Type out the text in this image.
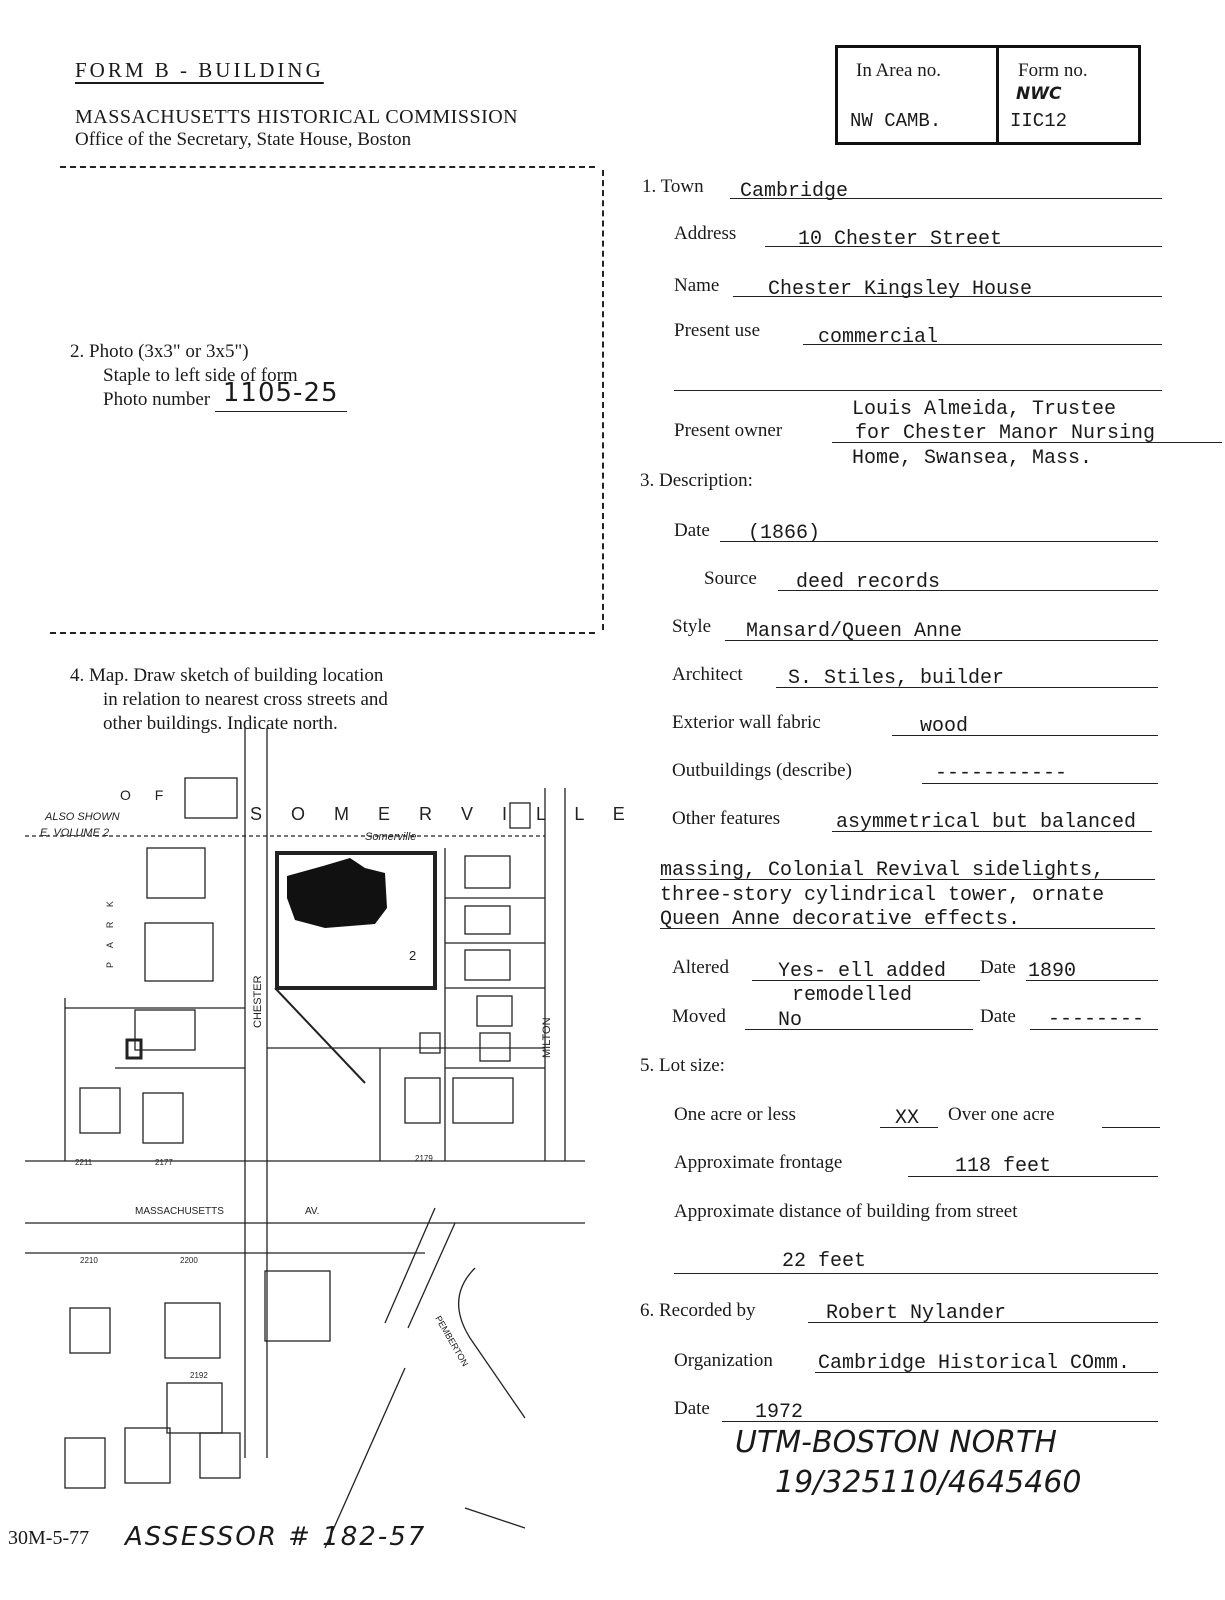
FORM B - BUILDING
MASSACHUSETTS HISTORICAL COMMISSION
Office of the Secretary, State House, Boston
In Area no.
NW CAMB.
Form no.
NWC
IIC12
2. Photo (3x3" or 3x5")
Staple to left side of form
Photo number 1105-25
4. Map. Draw sketch of building location
in relation to nearest cross streets and
other buildings. Indicate north.
S O M E R V I L L E
O F
ALSO SHOWN
E. VOLUME 2	Somerville
CHESTER
MILTON
MASSACHUSETTS	AV.
PEMBERTON
P A R K	2
2211	2177	2179
2210	2200
2192
1. Town Cambridge
Address	10 Chester Street
Name Chester Kingsley House
Present use	commercial
Louis Almeida, Trustee
Present owner	for Chester Manor Nursing
Home, Swansea, Mass.
3. Description:
Date (1866)
Source deed records
Style Mansard/Queen Anne
Architect S. Stiles, builder
Exterior wall fabric	wood
Outbuildings (describe)	-----------
Other features	asymmetrical but balanced
massing, Colonial Revival sidelights,
three-story cylindrical tower, ornate
Queen Anne decorative effects.
Altered Yes- ell added Date 1890
remodelled
Moved	No	Date --------
5. Lot size:
One acre or less	XX Over one acre
Approximate frontage	118 feet
Approximate distance of building from street
22 feet
6. Recorded by	Robert Nylander
Organization Cambridge Historical COmm.
Date 1972
30M-5-77 ASSESSOR # 182-57
UTM-BOSTON NORTH
19/325110/4645460
